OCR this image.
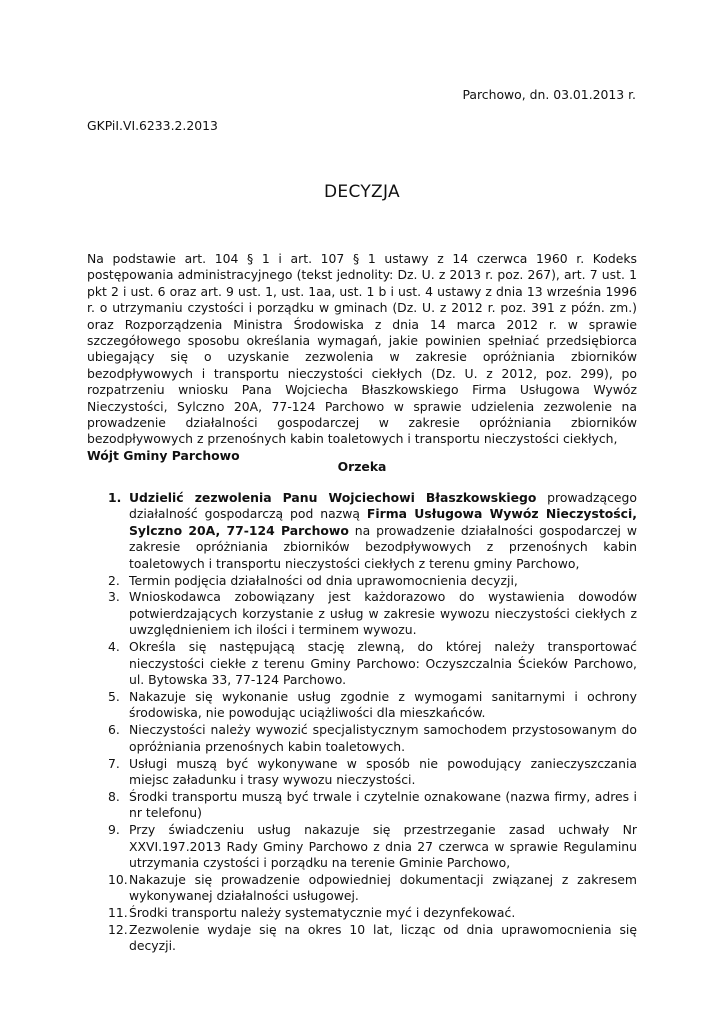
Parchowo, dn. 03.01.2013 r.
GKPiI.VI.6233.2.2013
DECYZJA

Na podstawie art. 104 § 1 i art. 107 § 1 ustawy z 14 czerwca 1960 r. Kodeks postępowania administracyjnego (tekst jednolity: Dz. U. z 2013 r. poz. 267), art. 7 ust. 1 pkt 2 i ust. 6 oraz art. 9 ust. 1, ust. 1aa, ust. 1 b i ust. 4 ustawy z dnia 13 września 1996 r. o utrzymaniu czystości i porządku w gminach (Dz. U. z 2012 r. poz. 391 z późn. zm.) oraz Rozporządzenia Ministra Środowiska z dnia 14 marca 2012 r. w sprawie szczegółowego sposobu określania wymagań, jakie powinien spełniać przedsiębiorca ubiegający się o uzyskanie zezwolenia w zakresie opróżniania zbiorników bezodpływowych i transportu nieczystości ciekłych (Dz. U. z 2012, poz. 299), po rozpatrzeniu wniosku Pana Wojciecha Błaszkowskiego Firma Usługowa Wywóz Nieczystości, Sylczno 20A, 77-124 Parchowo w sprawie udzielenia zezwolenie na prowadzenie działalności gospodarczej w zakresie opróżniania zbiorników bezodpływowych z przenośnych kabin toaletowych i transportu nieczystości ciekłych,
Wójt Gminy Parchowo

Orzeka
1. Udzielić zezwolenia Panu Wojciechowi Błaszkowskiego prowadzącego działalność gospodarczą pod nazwą Firma Usługowa Wywóz Nieczystości, Sylczno 20A, 77-124 Parchowo na prowadzenie działalności gospodarczej w zakresie opróżniania zbiorników bezodpływowych z przenośnych kabin toaletowych i transportu nieczystości ciekłych z terenu gminy Parchowo,
2. Termin podjęcia działalności od dnia uprawomocnienia decyzji,
3. Wnioskodawca zobowiązany jest każdorazowo do wystawienia dowodów potwierdzających korzystanie z usług w zakresie wywozu nieczystości ciekłych z uwzględnieniem ich ilości i terminem wywozu.
4. Określa się następującą stację zlewną, do której należy transportować nieczystości ciekłe z terenu Gminy Parchowo: Oczyszczalnia Ścieków Parchowo, ul. Bytowska 33, 77-124 Parchowo.
5. Nakazuje się wykonanie usług zgodnie z wymogami sanitarnymi i ochrony środowiska, nie powodując uciążliwości dla mieszkańców.
6. Nieczystości należy wywozić specjalistycznym samochodem przystosowanym do opróżniania przenośnych kabin toaletowych.
7. Usługi muszą być wykonywane w sposób nie powodujący zanieczyszczania miejsc załadunku i trasy wywozu nieczystości.
8. Środki transportu muszą być trwale i czytelnie oznakowane (nazwa firmy, adres i nr telefonu)
9. Przy świadczeniu usług nakazuje się przestrzeganie zasad uchwały Nr XXVI.197.2013 Rady Gminy Parchowo z dnia 27 czerwca w sprawie Regulaminu utrzymania czystości i porządku na terenie Gminie Parchowo,
10. Nakazuje się prowadzenie odpowiedniej dokumentacji związanej z zakresem wykonywanej działalności usługowej.
11. Środki transportu należy systematycznie myć i dezynfekować.
12. Zezwolenie wydaje się na okres 10 lat, licząc od dnia uprawomocnienia się decyzji.
